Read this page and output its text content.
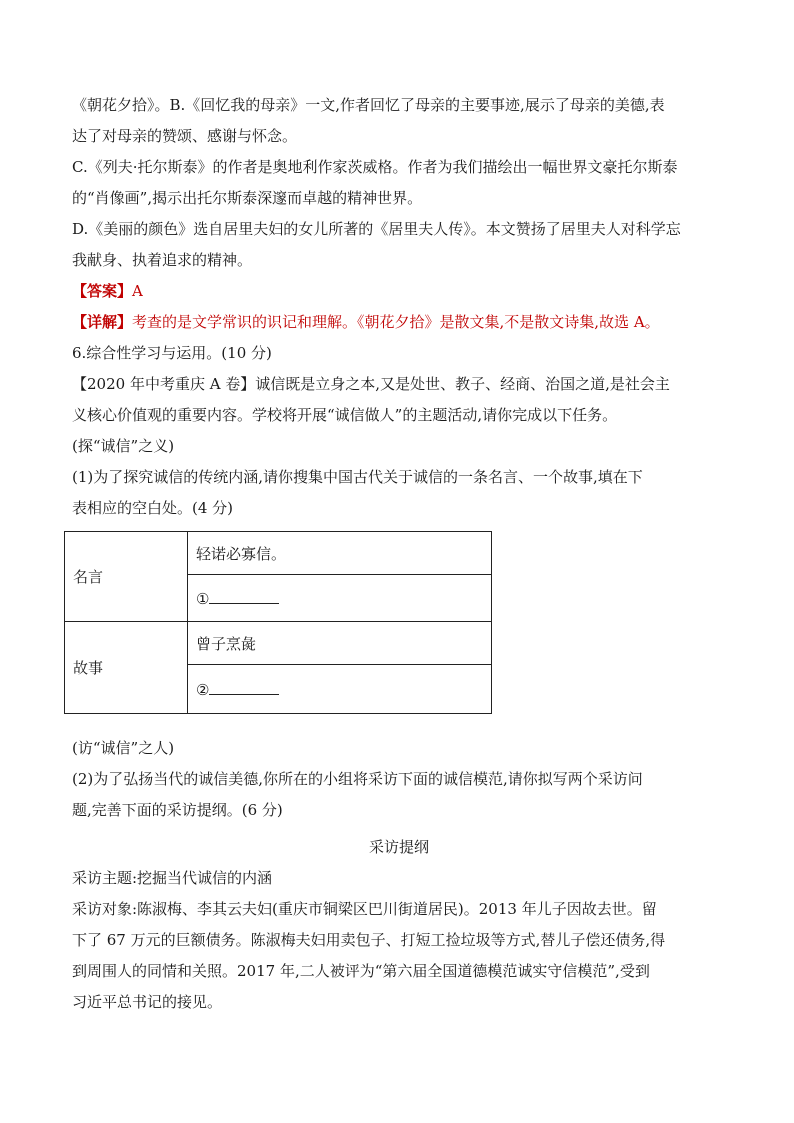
《朝花夕拾》。B.《回忆我的母亲》一文,作者回忆了母亲的主要事迹,展示了母亲的美德,表

达了对母亲的赞颂、感谢与怀念。

C.《列夫·托尔斯泰》的作者是奥地利作家茨威格。作者为我们描绘出一幅世界文豪托尔斯泰

的“肖像画”,揭示出托尔斯泰深邃而卓越的精神世界。

D.《美丽的颜色》选自居里夫妇的女儿所著的《居里夫人传》。本文赞扬了居里夫人对科学忘

我献身、执着追求的精神。

【答案】A

【详解】考查的是文学常识的识记和理解。《朝花夕拾》是散文集,不是散文诗集,故选 A。

6.综合性学习与运用。(10 分)

【2020 年中考重庆 A 卷】诚信既是立身之本,又是处世、教子、经商、治国之道,是社会主

义核心价值观的重要内容。学校将开展“诚信做人”的主题活动,请你完成以下任务。

(探“诚信”之义)

(1)为了探究诚信的传统内涵,请你搜集中国古代关于诚信的一条名言、一个故事,填在下

表相应的空白处。(4 分)

(访“诚信”之人)

(2)为了弘扬当代的诚信美德,你所在的小组将采访下面的诚信模范,请你拟写两个采访问

题,完善下面的采访提纲。(6 分)

采访提纲

采访主题:挖掘当代诚信的内涵

采访对象:陈淑梅、李其云夫妇(重庆市铜梁区巴川街道居民)。2013 年儿子因故去世。留

下了 67 万元的巨额债务。陈淑梅夫妇用卖包子、打短工捡垃圾等方式,替儿子偿还债务,得

到周围人的同情和关照。2017 年,二人被评为“第六届全国道德模范诚实守信模范”,受到

习近平总书记的接见。

名言	轻诺必寡信。
	①
故事	曾子烹彘
	②
